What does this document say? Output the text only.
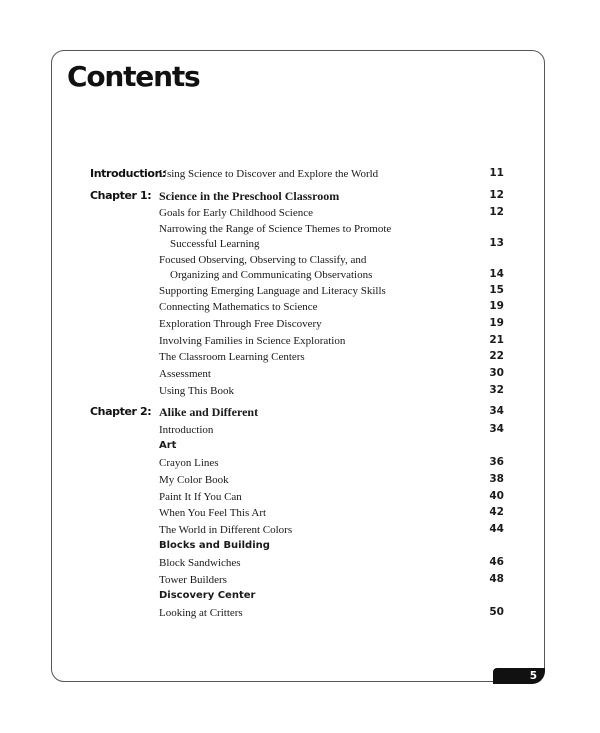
Contents
Introduction:
Using Science to Discover and Explore the World	11
Chapter 1: Science in the Preschool Classroom	12
Goals for Early Childhood Science	12
Narrowing the Range of Science Themes to Promote
Successful Learning	13
Focused Observing, Observing to Classify, and
Organizing and Communicating Observations	14
Supporting Emerging Language and Literacy Skills	15
Connecting Mathematics to Science	19
Exploration Through Free Discovery	19
Involving Families in Science Exploration	21
The Classroom Learning Centers	22
Assessment	30
Using This Book	32
Chapter 2: Alike and Different	34
Introduction	34
Art
Crayon Lines	36
My Color Book	38
Paint It If You Can	40
When You Feel This Art	42
The World in Different Colors	44
Blocks and Building
Block Sandwiches	46
Tower Builders	48
Discovery Center
Looking at Critters	50
5
